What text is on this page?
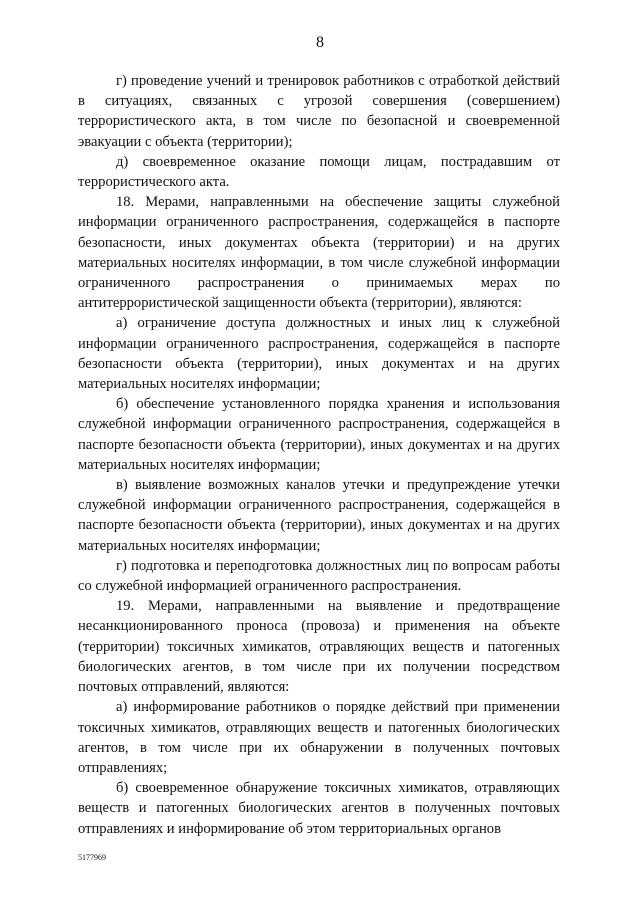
8

г) проведение учений и тренировок работников с отработкой действий в ситуациях, связанных с угрозой совершения (совершением) террористического акта, в том числе по безопасной и своевременной эвакуации с объекта (территории);

д) своевременное оказание помощи лицам, пострадавшим от террористического акта.

18. Мерами, направленными на обеспечение защиты служебной информации ограниченного распространения, содержащейся в паспорте безопасности, иных документах объекта (территории) и на других материальных носителях информации, в том числе служебной информации ограниченного распространения о принимаемых мерах по антитеррористической защищенности объекта (территории), являются:

а) ограничение доступа должностных и иных лиц к служебной информации ограниченного распространения, содержащейся в паспорте безопасности объекта (территории), иных документах и на других материальных носителях информации;

б) обеспечение установленного порядка хранения и использования служебной информации ограниченного распространения, содержащейся в паспорте безопасности объекта (территории), иных документах и на других материальных носителях информации;

в) выявление возможных каналов утечки и предупреждение утечки служебной информации ограниченного распространения, содержащейся в паспорте безопасности объекта (территории), иных документах и на других материальных носителях информации;

г) подготовка и переподготовка должностных лиц по вопросам работы со служебной информацией ограниченного распространения.

19. Мерами, направленными на выявление и предотвращение несанкционированного проноса (провоза) и применения на объекте (территории) токсичных химикатов, отравляющих веществ и патогенных биологических агентов, в том числе при их получении посредством почтовых отправлений, являются:

а) информирование работников о порядке действий при применении токсичных химикатов, отравляющих веществ и патогенных биологических агентов, в том числе при их обнаружении в полученных почтовых отправлениях;

б) своевременное обнаружение токсичных химикатов, отравляющих веществ и патогенных биологических агентов в полученных почтовых отправлениях и информирование об этом территориальных органов

5177969
